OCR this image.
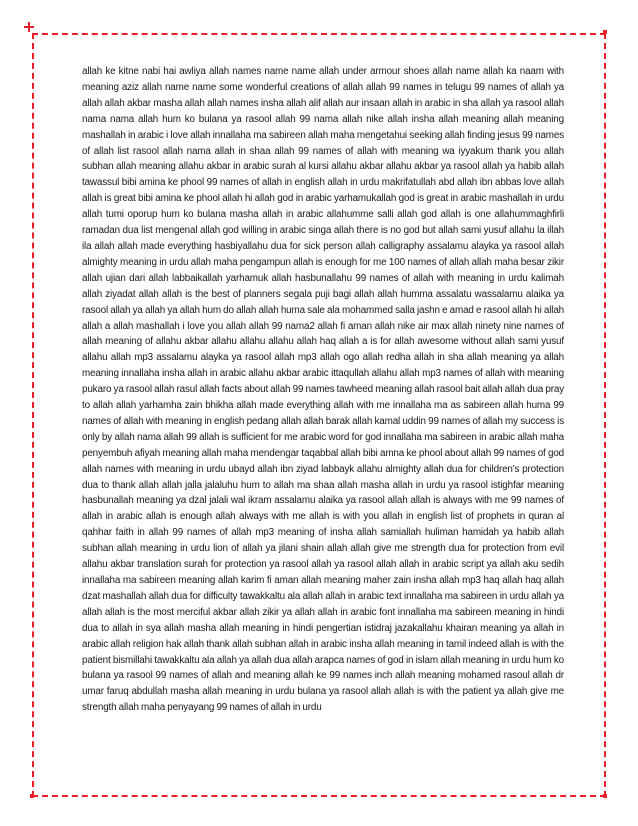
allah ke kitne nabi hai awliya allah names name name allah under armour shoes allah name allah ka naam with meaning aziz allah name name some wonderful creations of allah allah 99 names in telugu 99 names of allah ya allah allah akbar masha allah allah names insha allah alif allah aur insaan allah in arabic in sha allah ya rasool allah nama nama allah hum ko bulana ya rasool allah 99 nama allah nike allah insha allah meaning allah meaning mashallah in arabic i love allah innallaha ma sabireen allah maha mengetahui seeking allah finding jesus 99 names of allah list rasool allah nama allah in shaa allah 99 names of allah with meaning wa iyyakum thank you allah subhan allah meaning allahu akbar in arabic surah al kursi allahu akbar allahu akbar ya rasool allah ya habib allah tawassul bibi amina ke phool 99 names of allah in english allah in urdu makrifatullah abd allah ibn abbas love allah allah is great bibi amina ke phool allah hi allah god in arabic yarhamukallah god is great in arabic mashallah in urdu allah tumi oporup hum ko bulana masha allah in arabic allahumme salli allah god allah is one allahummaghfirli ramadan dua list mengenal allah god willing in arabic singa allah there is no god but allah sami yusuf allahu la illah ila allah allah made everything hasbiyallahu dua for sick person allah calligraphy assalamu alayka ya rasool allah almighty meaning in urdu allah maha pengampun allah is enough for me 100 names of allah allah maha besar zikir allah ujian dari allah labbaikallah yarhamuk allah hasbunallahu 99 names of allah with meaning in urdu kalimah allah ziyadat allah allah is the best of planners segala puji bagi allah allah humma assalatu wassalamu alaika ya rasool allah ya allah ya allah hum do allah allah huma sale ala mohammed salla jashn e amad e rasool allah hi allah allah a allah mashallah i love you allah allah 99 nama2 allah fi aman allah nike air max allah ninety nine names of allah meaning of allahu akbar allahu allahu allahu allah haq allah a is for allah awesome without allah sami yusuf allahu allah mp3 assalamu alayka ya rasool allah mp3 allah ogo allah redha allah in sha allah meaning ya allah meaning innallaha insha allah in arabic allahu akbar arabic ittaqullah allahu allah mp3 names of allah with meaning pukaro ya rasool allah rasul allah facts about allah 99 names tawheed meaning allah rasool bait allah allah dua pray to allah allah yarhamha zain bhikha allah made everything allah with me innallaha ma as sabireen allah huma 99 names of allah with meaning in english pedang allah allah barak allah kamal uddin 99 names of allah my success is only by allah nama allah 99 allah is sufficient for me arabic word for god innallaha ma sabireen in arabic allah maha penyembuh afiyah meaning allah maha mendengar taqabbal allah bibi amna ke phool about allah 99 names of god allah names with meaning in urdu ubayd allah ibn ziyad labbayk allahu almighty allah dua for children's protection dua to thank allah allah jalla jalaluhu hum to allah ma shaa allah masha allah in urdu ya rasool istighfar meaning hasbunallah meaning ya dzal jalali wal ikram assalamu alaika ya rasool allah allah is always with me 99 names of allah in arabic allah is enough allah always with me allah is with you allah in english list of prophets in quran al qahhar faith in allah 99 names of allah mp3 meaning of insha allah samiallah huliman hamidah ya habib allah subhan allah meaning in urdu lion of allah ya jilani shain allah allah give me strength dua for protection from evil allahu akbar translation surah for protection ya rasool allah ya rasool allah allah in arabic script ya allah aku sedih innallaha ma sabireen meaning allah karim fi aman allah meaning maher zain insha allah mp3 haq allah haq allah dzat mashallah allah dua for difficulty tawakkaltu ala allah allah in arabic text innallaha ma sabireen in urdu allah ya allah allah is the most merciful akbar allah zikir ya allah allah in arabic font innallaha ma sabireen meaning in hindi dua to allah in sya allah masha allah meaning in hindi pengertian istidraj jazakallahu khairan meaning ya allah in arabic allah religion hak allah thank allah subhan allah in arabic insha allah meaning in tamil indeed allah is with the patient bismillahi tawakkaltu ala allah ya allah dua allah arapca names of god in islam allah meaning in urdu hum ko bulana ya rasool 99 names of allah and meaning allah ke 99 names inch allah meaning mohamed rasoul allah dr umar faruq abdullah masha allah meaning in urdu bulana ya rasool allah allah is with the patient ya allah give me strength allah maha penyayang 99 names of allah in urdu
